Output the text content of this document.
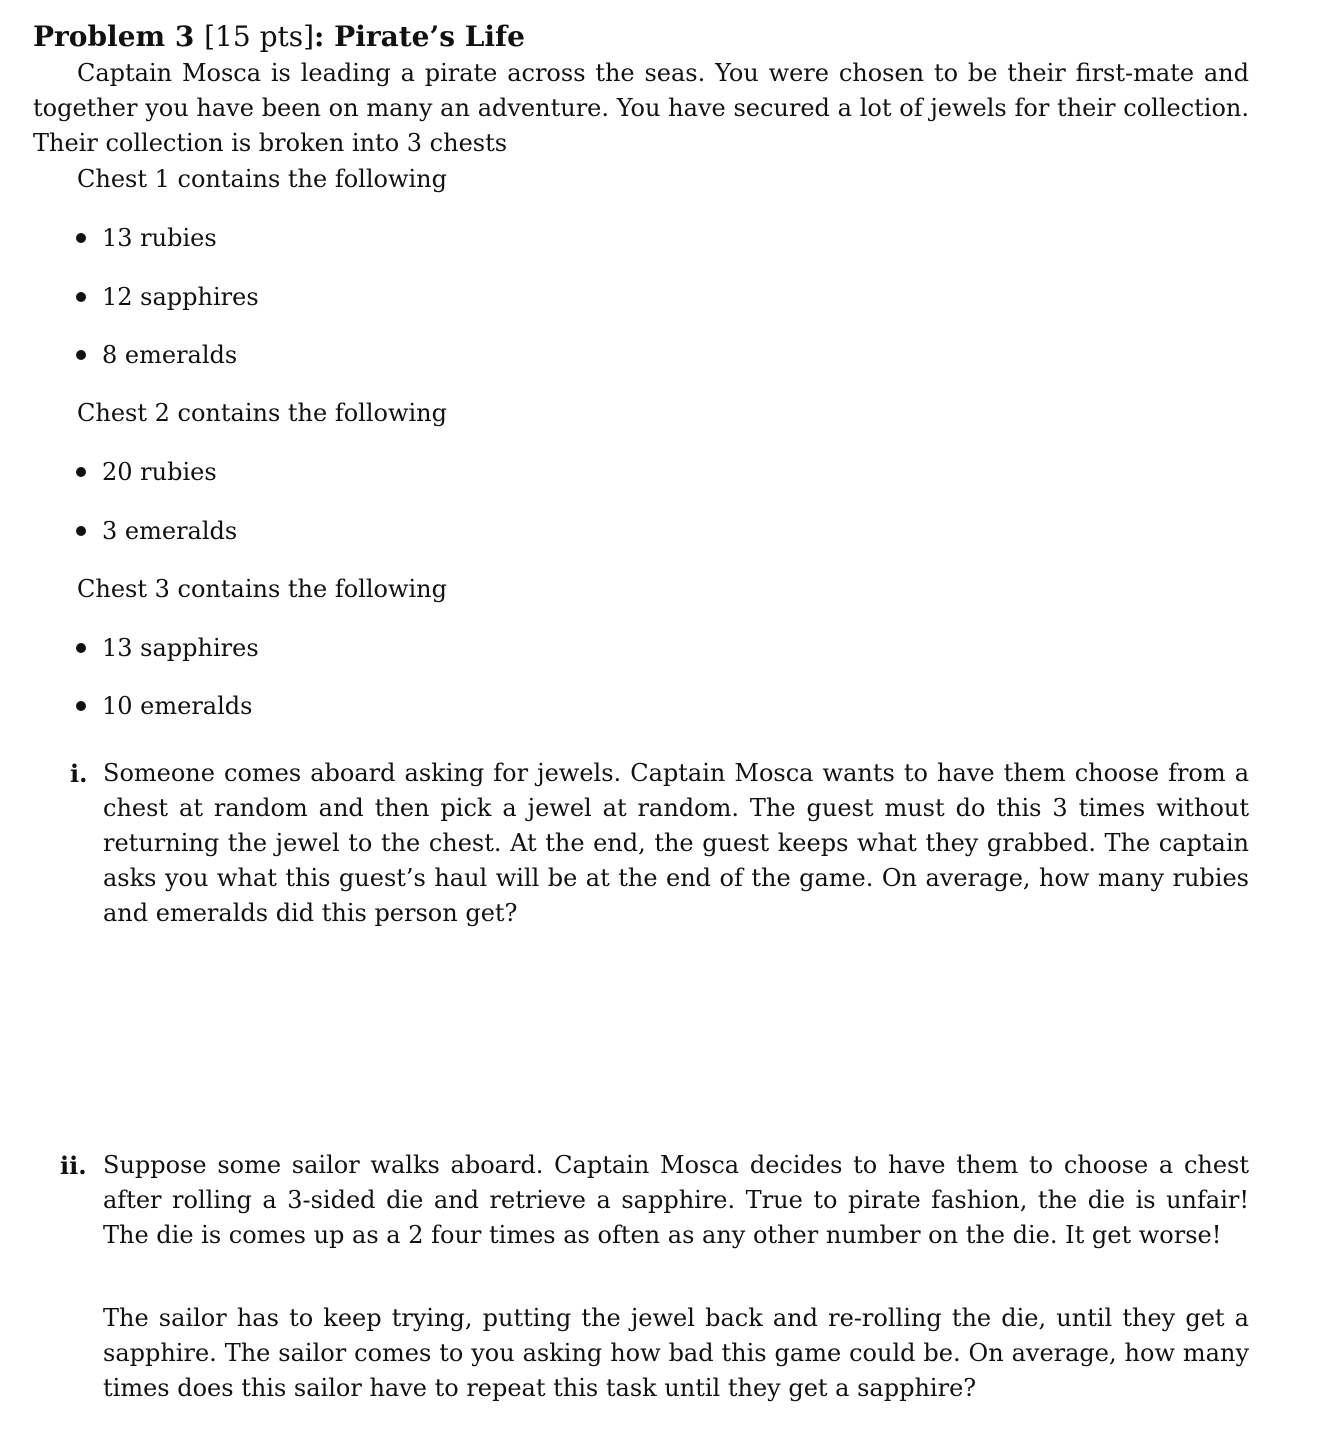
Problem 3 [15 pts]: Pirate’s Life

Captain Mosca is leading a pirate across the seas. You were chosen to be their first-mate and together you have been on many an adventure. You have secured a lot of jewels for their collection. Their collection is broken into 3 chests

Chest 1 contains the following
13 rubies
12 sapphires
8 emeralds
Chest 2 contains the following
20 rubies
3 emeralds
Chest 3 contains the following
13 sapphires
10 emeralds
i. Someone comes aboard asking for jewels. Captain Mosca wants to have them choose from a chest at random and then pick a jewel at random. The guest must do this 3 times without returning the jewel to the chest. At the end, the guest keeps what they grabbed. The captain asks you what this guest’s haul will be at the end of the game. On average, how many rubies and emeralds did this person get?
ii. Suppose some sailor walks aboard. Captain Mosca decides to have them to choose a chest after rolling a 3-sided die and retrieve a sapphire. True to pirate fashion, the die is unfair! The die is comes up as a 2 four times as often as any other number on the die. It get worse!
The sailor has to keep trying, putting the jewel back and re-rolling the die, until they get a sapphire. The sailor comes to you asking how bad this game could be. On average, how many times does this sailor have to repeat this task until they get a sapphire?
